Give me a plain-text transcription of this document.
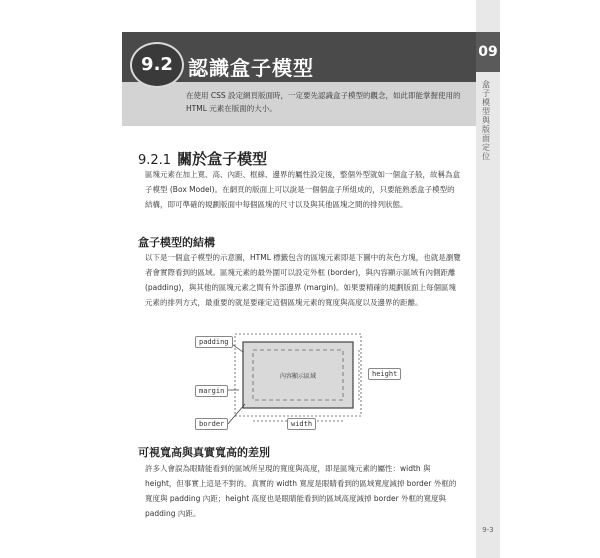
09
盒子模型與版面定位
9.2 認識盒子模型
在使用 CSS 設定網頁版面時，一定要先認識盒子模型的觀念，如此即能掌握使用的 HTML 元素在版面的大小。
9.2.1 關於盒子模型
區塊元素在加上寬、高、內距、框線、邊界的屬性設定後，整個外型就如一個盒子般，故稱為盒子模型 (Box Model)。在網頁的版面上可以說是一個個盒子所組成的，只要能熟悉盒子模型的結構，即可準確的規劃版面中每個區塊的尺寸以及與其他區塊之間的排列狀態。
盒子模型的結構
以下是一個盒子模型的示意圖，HTML 標籤包含的區塊元素即是下圖中的灰色方塊，也就是瀏覽者會實際看到的區域。區塊元素的最外圍可以設定外框 (border)，與內容顯示區域有內側距離 (padding)，與其他的區塊元素之間有外部邊界 (margin)。如果要精確的規劃版面上每個區塊元素的排列方式，最重要的就是要確定這個區塊元素的寬度與高度以及邊界的距離。
內容顯示區域
padding
margin
border
height
width
可視寬高與真實寬高的差別
許多人會誤為眼睛能看到的區域所呈現的寬度與高度，即是區塊元素的屬性：width 與 height，但事實上這是不對的。真實的 width 寬度是眼睛看到的區域寬度減掉 border 外框的寬度與 padding 內距；height 高度也是眼睛能看到的區域高度減掉 border 外框的寬度與 padding 內距。
9-3
